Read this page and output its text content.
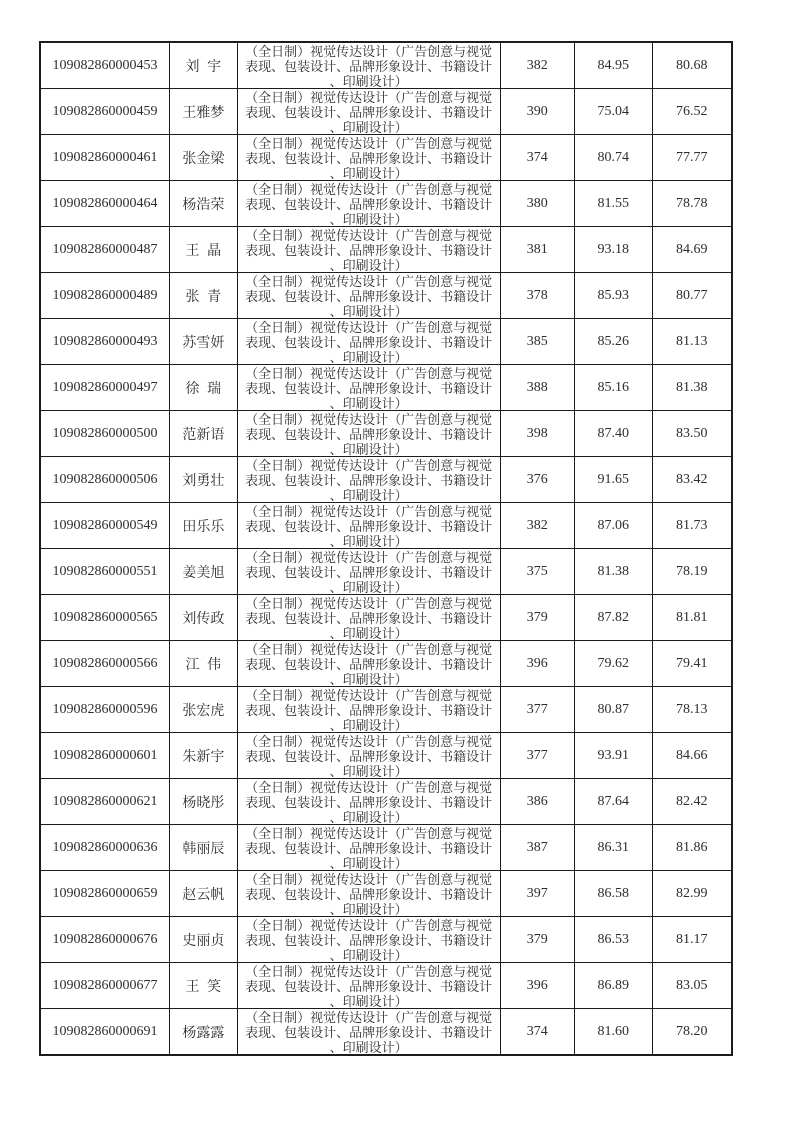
109082860000453	刘宇	（全日制）视觉传达设计（广告创意与视觉
表现、包装设计、品牌形象设计、书籍设计
、印刷设计）	382	84.95	80.68
109082860000459	王雅梦	（全日制）视觉传达设计（广告创意与视觉
表现、包装设计、品牌形象设计、书籍设计
、印刷设计）	390	75.04	76.52
109082860000461	张金梁	（全日制）视觉传达设计（广告创意与视觉
表现、包装设计、品牌形象设计、书籍设计
、印刷设计）	374	80.74	77.77
109082860000464	杨浩荣	（全日制）视觉传达设计（广告创意与视觉
表现、包装设计、品牌形象设计、书籍设计
、印刷设计）	380	81.55	78.78
109082860000487	王晶	（全日制）视觉传达设计（广告创意与视觉
表现、包装设计、品牌形象设计、书籍设计
、印刷设计）	381	93.18	84.69
109082860000489	张青	（全日制）视觉传达设计（广告创意与视觉
表现、包装设计、品牌形象设计、书籍设计
、印刷设计）	378	85.93	80.77
109082860000493	苏雪妍	（全日制）视觉传达设计（广告创意与视觉
表现、包装设计、品牌形象设计、书籍设计
、印刷设计）	385	85.26	81.13
109082860000497	徐瑞	（全日制）视觉传达设计（广告创意与视觉
表现、包装设计、品牌形象设计、书籍设计
、印刷设计）	388	85.16	81.38
109082860000500	范新语	（全日制）视觉传达设计（广告创意与视觉
表现、包装设计、品牌形象设计、书籍设计
、印刷设计）	398	87.40	83.50
109082860000506	刘勇壮	（全日制）视觉传达设计（广告创意与视觉
表现、包装设计、品牌形象设计、书籍设计
、印刷设计）	376	91.65	83.42
109082860000549	田乐乐	（全日制）视觉传达设计（广告创意与视觉
表现、包装设计、品牌形象设计、书籍设计
、印刷设计）	382	87.06	81.73
109082860000551	姜美旭	（全日制）视觉传达设计（广告创意与视觉
表现、包装设计、品牌形象设计、书籍设计
、印刷设计）	375	81.38	78.19
109082860000565	刘传政	（全日制）视觉传达设计（广告创意与视觉
表现、包装设计、品牌形象设计、书籍设计
、印刷设计）	379	87.82	81.81
109082860000566	江伟	（全日制）视觉传达设计（广告创意与视觉
表现、包装设计、品牌形象设计、书籍设计
、印刷设计）	396	79.62	79.41
109082860000596	张宏虎	（全日制）视觉传达设计（广告创意与视觉
表现、包装设计、品牌形象设计、书籍设计
、印刷设计）	377	80.87	78.13
109082860000601	朱新宇	（全日制）视觉传达设计（广告创意与视觉
表现、包装设计、品牌形象设计、书籍设计
、印刷设计）	377	93.91	84.66
109082860000621	杨晓彤	（全日制）视觉传达设计（广告创意与视觉
表现、包装设计、品牌形象设计、书籍设计
、印刷设计）	386	87.64	82.42
109082860000636	韩丽辰	（全日制）视觉传达设计（广告创意与视觉
表现、包装设计、品牌形象设计、书籍设计
、印刷设计）	387	86.31	81.86
109082860000659	赵云帆	（全日制）视觉传达设计（广告创意与视觉
表现、包装设计、品牌形象设计、书籍设计
、印刷设计）	397	86.58	82.99
109082860000676	史丽贞	（全日制）视觉传达设计（广告创意与视觉
表现、包装设计、品牌形象设计、书籍设计
、印刷设计）	379	86.53	81.17
109082860000677	王笑	（全日制）视觉传达设计（广告创意与视觉
表现、包装设计、品牌形象设计、书籍设计
、印刷设计）	396	86.89	83.05
109082860000691	杨露露	（全日制）视觉传达设计（广告创意与视觉
表现、包装设计、品牌形象设计、书籍设计
、印刷设计）	374	81.60	78.20
